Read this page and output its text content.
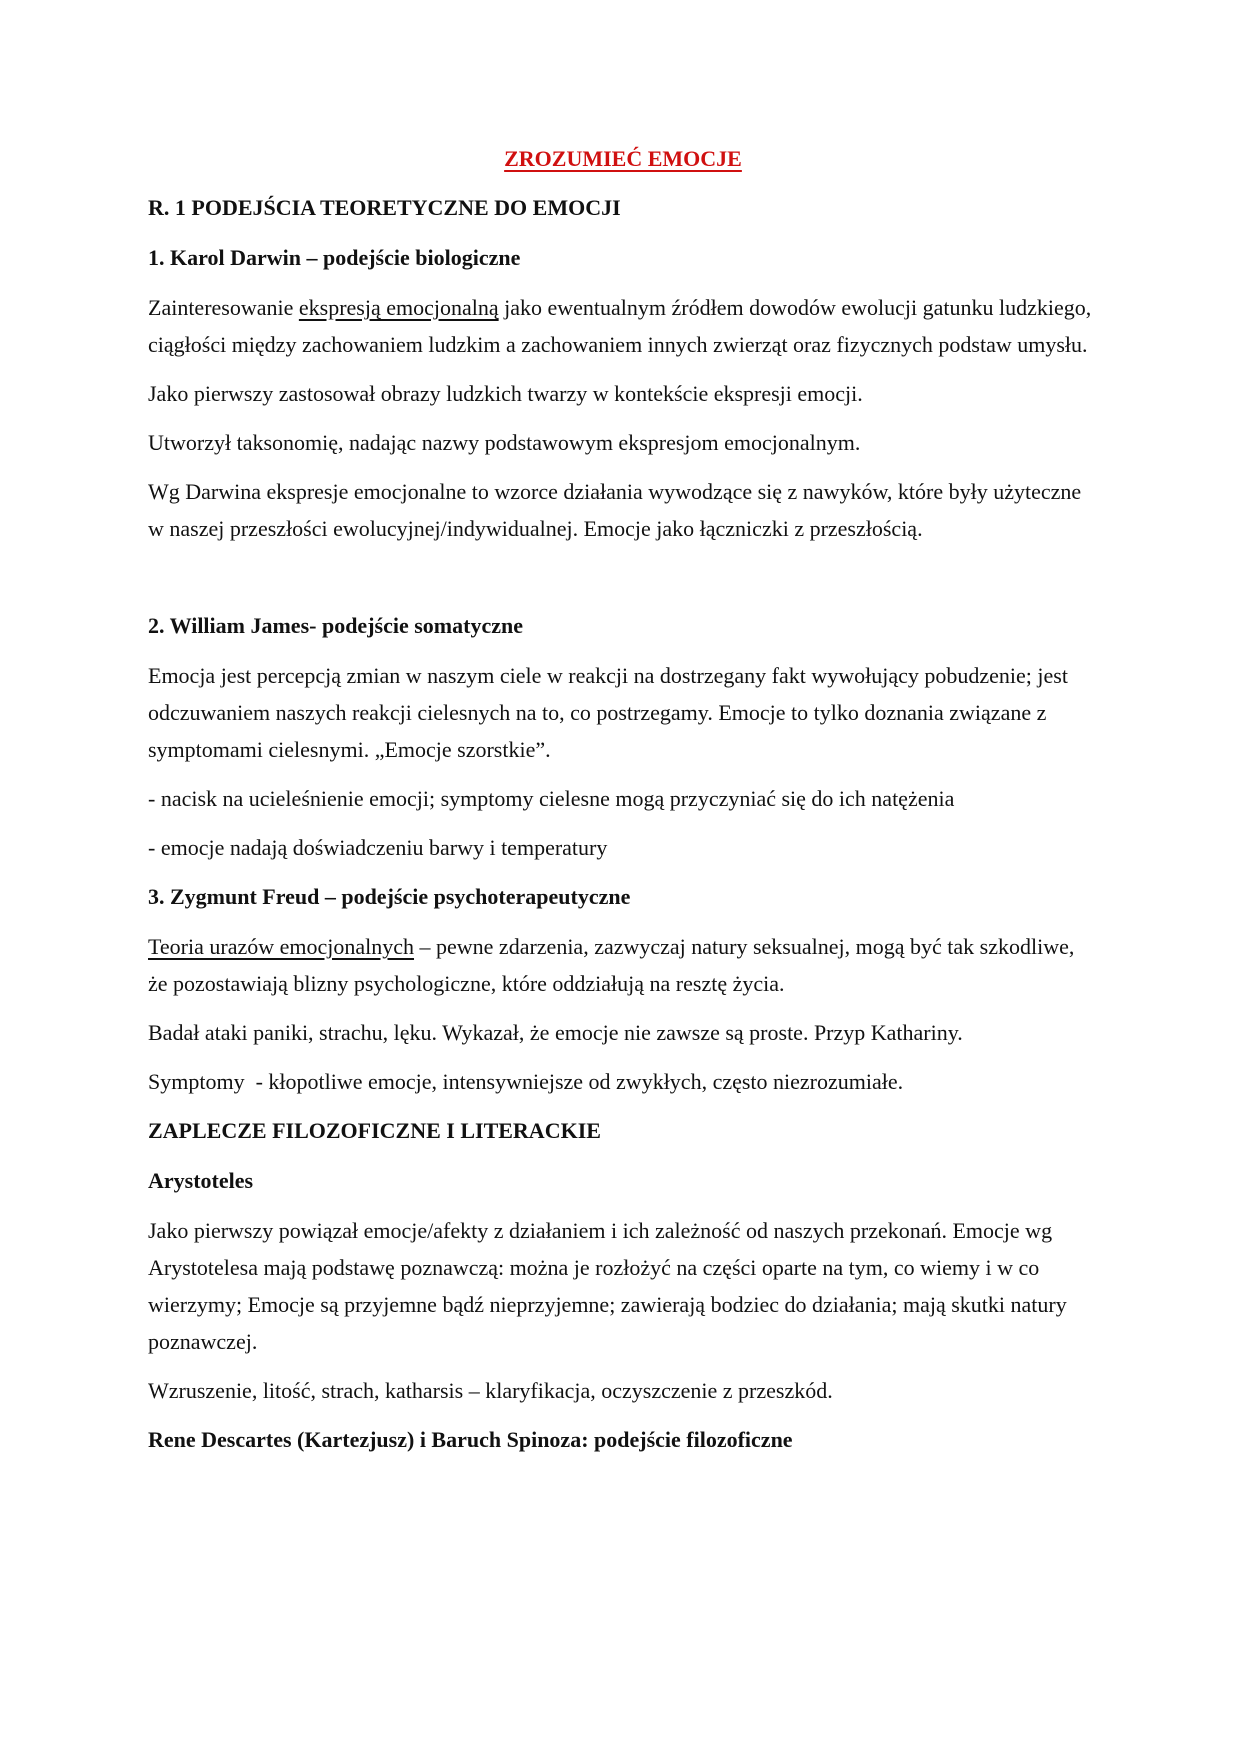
ZROZUMIEĆ EMOCJE
R. 1 PODEJŚCIA TEORETYCZNE DO EMOCJI
1. Karol Darwin – podejście biologiczne

Zainteresowanie ekspresją emocjonalną jako ewentualnym źródłem dowodów ewolucji gatunku ludzkiego, ciągłości między zachowaniem ludzkim a zachowaniem innych zwierząt oraz fizycznych podstaw umysłu.

Jako pierwszy zastosował obrazy ludzkich twarzy w kontekście ekspresji emocji.

Utworzył taksonomię, nadając nazwy podstawowym ekspresjom emocjonalnym.

Wg Darwina ekspresje emocjonalne to wzorce działania wywodzące się z nawyków, które były użyteczne w naszej przeszłości ewolucyjnej/indywidualnej. Emocje jako łączniczki z przeszłością.

2. William James- podejście somatyczne

Emocja jest percepcją zmian w naszym ciele w reakcji na dostrzegany fakt wywołujący pobudzenie; jest odczuwaniem naszych reakcji cielesnych na to, co postrzegamy. Emocje to tylko doznania związane z symptomami cielesnymi. „Emocje szorstkie”.

- nacisk na ucieleśnienie emocji; symptomy cielesne mogą przyczyniać się do ich natężenia

- emocje nadają doświadczeniu barwy i temperatury

3. Zygmunt Freud – podejście psychoterapeutyczne

Teoria urazów emocjonalnych – pewne zdarzenia, zazwyczaj natury seksualnej, mogą być tak szkodliwe, że pozostawiają blizny psychologiczne, które oddziałują na resztę życia.

Badał ataki paniki, strachu, lęku. Wykazał, że emocje nie zawsze są proste. Przyp Kathariny.

Symptomy  - kłopotliwe emocje, intensywniejsze od zwykłych, często niezrozumiałe.

ZAPLECZE FILOZOFICZNE I LITERACKIE
Arystoteles

Jako pierwszy powiązał emocje/afekty z działaniem i ich zależność od naszych przekonań. Emocje wg Arystotelesa mają podstawę poznawczą: można je rozłożyć na części oparte na tym, co wiemy i w co wierzymy; Emocje są przyjemne bądź nieprzyjemne; zawierają bodziec do działania; mają skutki natury poznawczej.

Wzruszenie, litość, strach, katharsis – klaryfikacja, oczyszczenie z przeszkód.

Rene Descartes (Kartezjusz) i Baruch Spinoza: podejście filozoficzne
